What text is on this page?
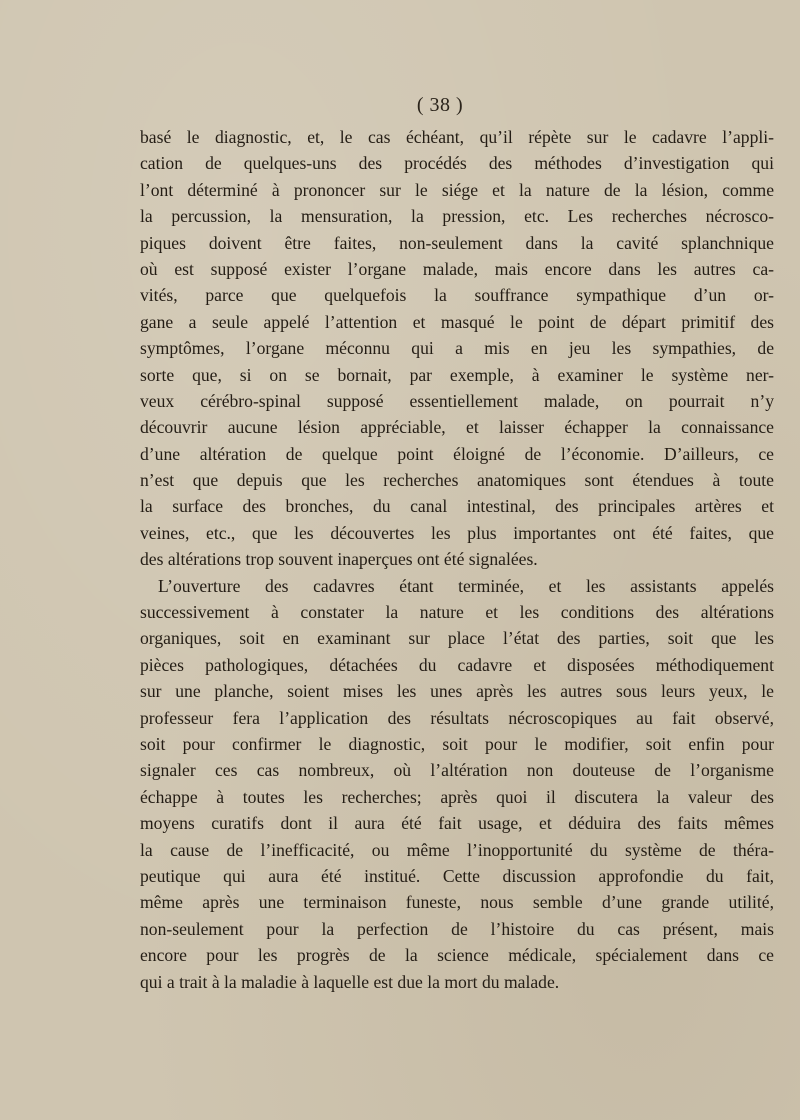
( 38 )
basé le diagnostic, et, le cas échéant, qu’il répète sur le cadavre l’appli-
cation de quelques-uns des procédés des méthodes d’investigation qui
l’ont déterminé à prononcer sur le siége et la nature de la lésion, comme
la percussion, la mensuration, la pression, etc. Les recherches nécrosco-
piques doivent être faites, non-seulement dans la cavité splanchnique
où est supposé exister l’organe malade, mais encore dans les autres ca-
vités, parce que quelquefois la souffrance sympathique d’un or-
gane a seule appelé l’attention et masqué le point de départ primitif des
symptômes, l’organe méconnu qui a mis en jeu les sympathies, de
sorte que, si on se bornait, par exemple, à examiner le système ner-
veux cérébro-spinal supposé essentiellement malade, on pourrait n’y
découvrir aucune lésion appréciable, et laisser échapper la connaissance
d’une altération de quelque point éloigné de l’économie. D’ailleurs, ce
n’est que depuis que les recherches anatomiques sont étendues à toute
la surface des bronches, du canal intestinal, des principales artères et
veines, etc., que les découvertes les plus importantes ont été faites, que
des altérations trop souvent inaperçues ont été signalées.
L’ouverture des cadavres étant terminée, et les assistants appelés
successivement à constater la nature et les conditions des altérations
organiques, soit en examinant sur place l’état des parties, soit que les
pièces pathologiques, détachées du cadavre et disposées méthodiquement
sur une planche, soient mises les unes après les autres sous leurs yeux, le
professeur fera l’application des résultats nécroscopiques au fait observé,
soit pour confirmer le diagnostic, soit pour le modifier, soit enfin pour
signaler ces cas nombreux, où l’altération non douteuse de l’organisme
échappe à toutes les recherches; après quoi il discutera la valeur des
moyens curatifs dont il aura été fait usage, et déduira des faits mêmes
la cause de l’inefficacité, ou même l’inopportunité du système de théra-
peutique qui aura été institué. Cette discussion approfondie du fait,
même après une terminaison funeste, nous semble d’une grande utilité,
non-seulement pour la perfection de l’histoire du cas présent, mais
encore pour les progrès de la science médicale, spécialement dans ce
qui a trait à la maladie à laquelle est due la mort du malade.
